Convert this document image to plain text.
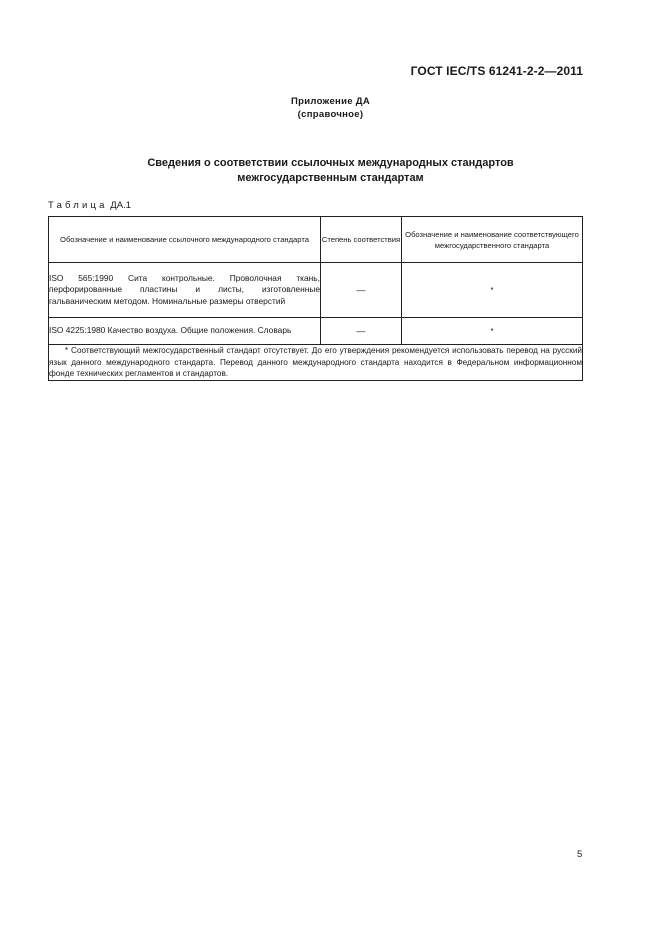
ГОСТ IEC/TS 61241-2-2—2011
Приложение ДА
(справочное)
Сведения о соответствии ссылочных международных стандартов
межгосударственным стандартам
Таблица ДА.1
Обозначение и наименование ссылочного международного стандарта	Степень соответствия	Обозначение и наименование соответствующего межгосударственного стандарта
ISO 565:1990 Сита контрольные. Проволочная ткань, перфорированные пластины и листы, изготовленные гальваническим методом. Номинальные размеры отверстий	—	*
ISO 4225:1980 Качество воздуха. Общие положения. Словарь	—	*
* Соответствующий межгосударственный стандарт отсутствует. До его утверждения рекомендуется использовать перевод на русский язык данного международного стандарта. Перевод данного международного стандарта находится в Федеральном информационном фонде технических регламентов и стандартов.		
5
